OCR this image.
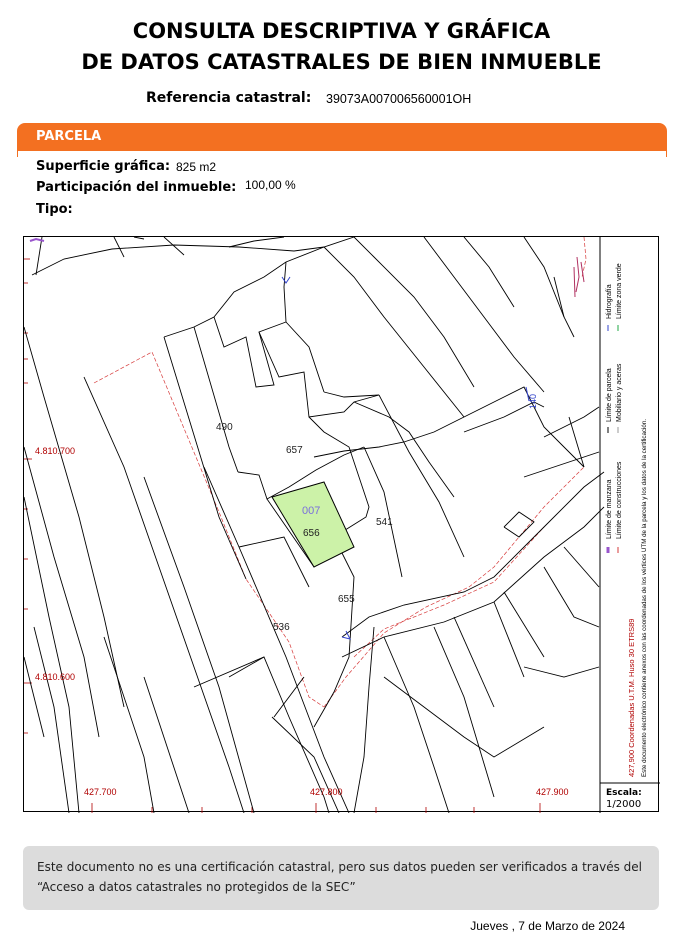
CONSULTA DESCRIPTIVA Y GRÁFICA
DE DATOS CATASTRALES DE BIEN INMUEBLE
Referencia catastral: 39073A007006560001OH
PARCELA
Superficie gráfica: 825 m2
Participación del inmueble: 100,00 %
Tipo:
490
657
007
656
541
655
536
140
4.810.700
4.810.600
427.700	427.800	427.900
Límite de manzana Límite de construcciones
Límite de parcela Mobiliario y aceras
Hidrografía Límite zona verde
427,900 Coordenadas U.T.M. Huso 30 ETRS89 Este documento electrónico contiene anexos con las coordenadas de los vértices UTM de la parcela y los datos de la certificación.
Escala:
1/2000
Este documento no es una certificación catastral, pero sus datos pueden ser verificados a través del “Acceso a datos catastrales no protegidos de la SEC”
Jueves , 7 de Marzo de 2024
